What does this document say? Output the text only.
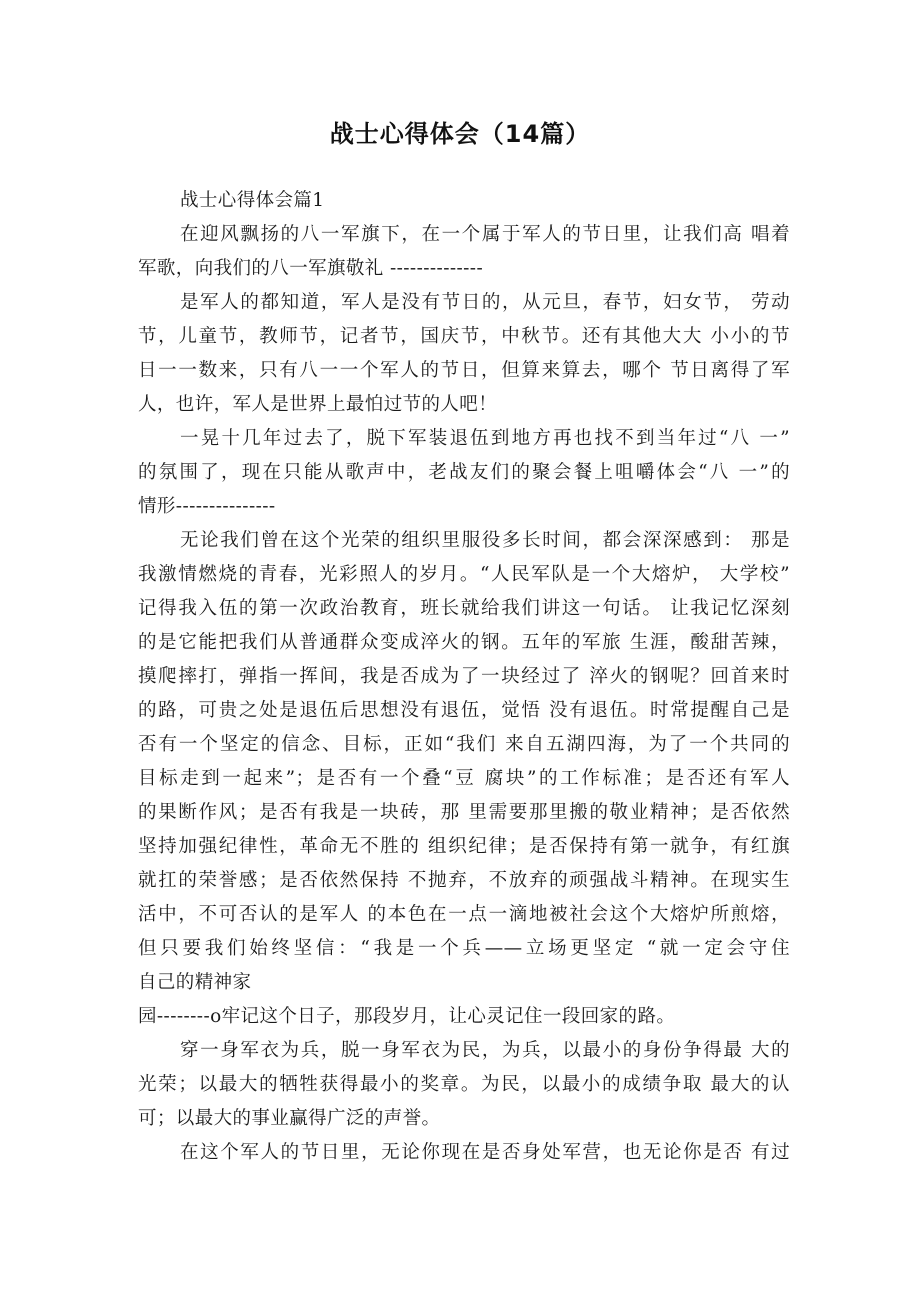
战士心得体会（14篇）
战士心得体会篇1
在迎风飘扬的八一军旗下，在一个属于军人的节日里，让我们高 唱着
军歌，向我们的八一军旗敬礼 --------------
是军人的都知道，军人是没有节日的，从元旦，春节，妇女节， 劳动
节，儿童节，教师节，记者节，国庆节，中秋节。还有其他大大 小小的节
日一一数来，只有八一一个军人的节日，但算来算去，哪个 节日离得了军
人，也许，军人是世界上最怕过节的人吧！
一晃十几年过去了，脱下军装退伍到地方再也找不到当年过“八 一”
的氛围了，现在只能从歌声中，老战友们的聚会餐上咀嚼体会“八 一”的
情形---------------
无论我们曾在这个光荣的组织里服役多长时间，都会深深感到： 那是
我激情燃烧的青春，光彩照人的岁月。“人民军队是一个大熔炉， 大学校”
记得我入伍的第一次政治教育，班长就给我们讲这一句话。 让我记忆深刻
的是它能把我们从普通群众变成淬火的钢。五年的军旅 生涯，酸甜苦辣，
摸爬摔打，弹指一挥间，我是否成为了一块经过了 淬火的钢呢？回首来时
的路，可贵之处是退伍后思想没有退伍，觉悟 没有退伍。时常提醒自己是
否有一个坚定的信念、目标，正如“我们 来自五湖四海，为了一个共同的
目标走到一起来”；是否有一个叠“豆 腐块”的工作标准；是否还有军人
的果断作风；是否有我是一块砖，那 里需要那里搬的敬业精神；是否依然
坚持加强纪律性，革命无不胜的 组织纪律；是否保持有第一就争，有红旗
就扛的荣誉感；是否依然保持 不抛弃，不放弃的顽强战斗精神。在现实生
活中，不可否认的是军人 的本色在一点一滴地被社会这个大熔炉所煎熔，
但只要我们始终坚信：“我是一个兵——立场更坚定 “就一定会守住
自己的精神家
园--------o牢记这个日子，那段岁月，让心灵记住一段回家的路。
穿一身军衣为兵，脱一身军衣为民，为兵，以最小的身份争得最 大的
光荣；以最大的牺牲获得最小的奖章。为民，以最小的成绩争取 最大的认
可；以最大的事业赢得广泛的声誉。
在这个军人的节日里，无论你现在是否身处军营，也无论你是否 有过
